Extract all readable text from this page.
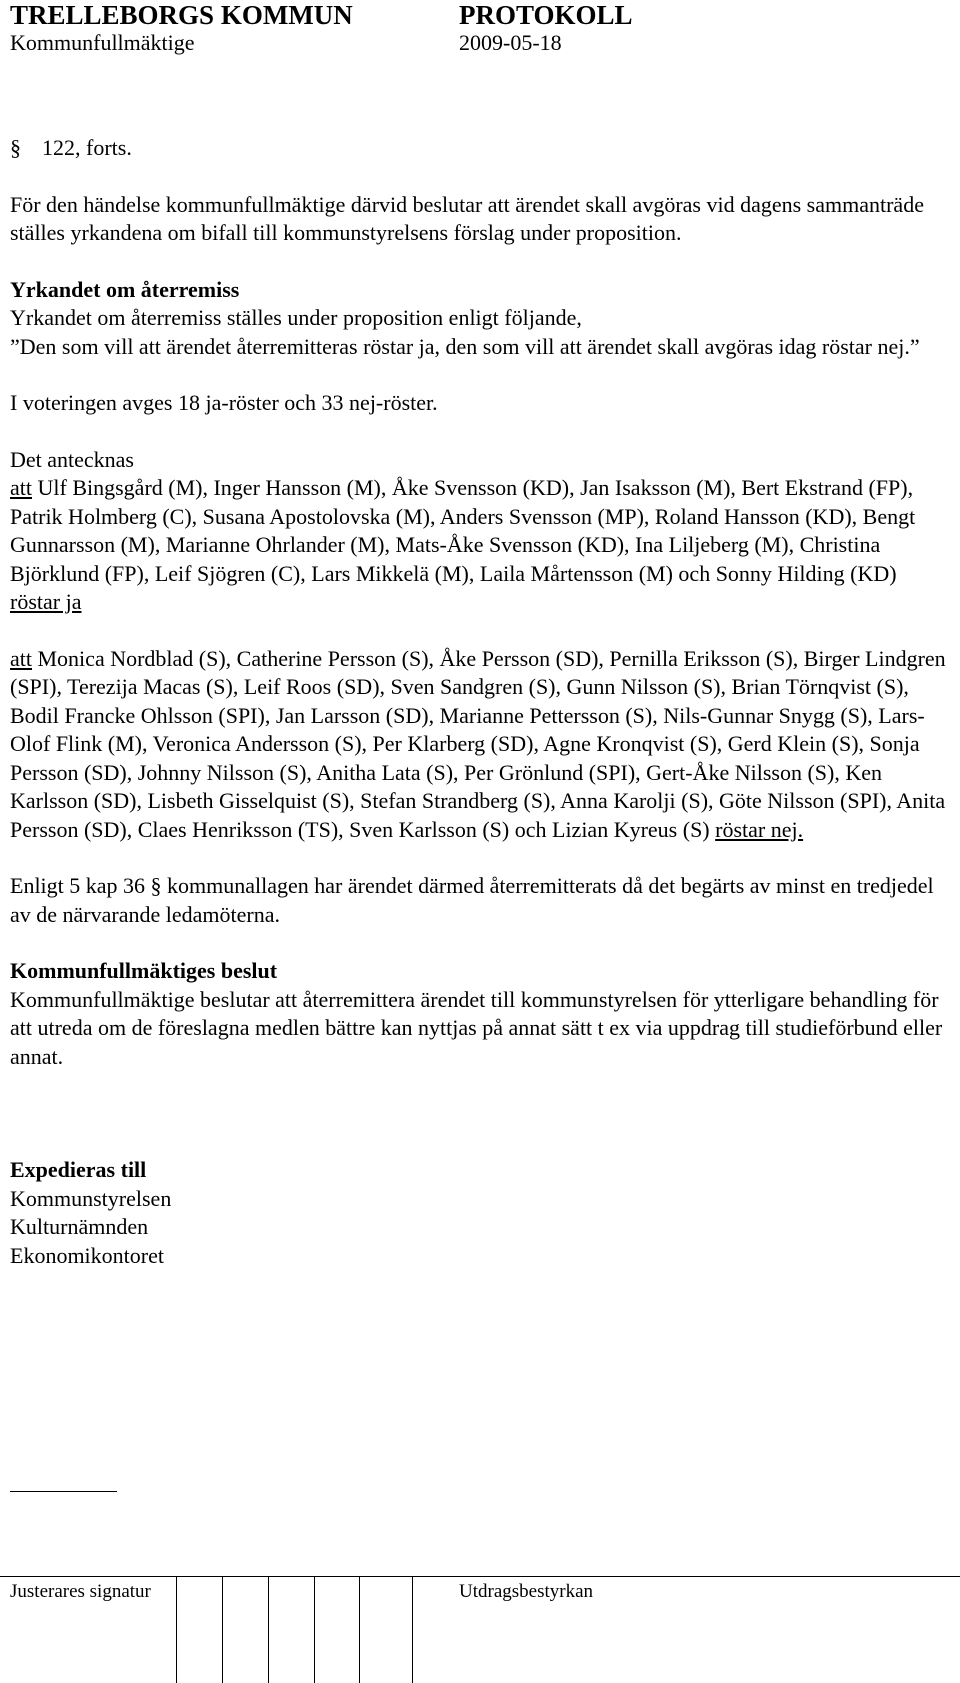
TRELLEBORGS KOMMUN	PROTOKOLL
Kommunfullmäktige	2009-05-18

§ 122, forts.

För den händelse kommunfullmäktige därvid beslutar att ärendet skall avgöras vid dagens sammanträde ställes yrkandena om bifall till kommunstyrelsens förslag under proposition.

Yrkandet om återremiss

Yrkandet om återremiss ställes under proposition enligt följande,

”Den som vill att ärendet återremitteras röstar ja, den som vill att ärendet skall avgöras idag röstar nej.”

I voteringen avges 18 ja-röster och 33 nej-röster.

Det antecknas

att Ulf Bingsgård (M), Inger Hansson (M), Åke Svensson (KD), Jan Isaksson (M), Bert Ekstrand (FP), Patrik Holmberg (C), Susana Apostolovska (M), Anders Svensson (MP), Roland Hansson (KD), Bengt Gunnarsson (M), Marianne Ohrlander (M), Mats-Åke Svensson (KD), Ina Liljeberg (M), Christina Björklund (FP), Leif Sjögren (C), Lars Mikkelä (M), Laila Mårtensson (M) och Sonny Hilding (KD) röstar ja

att Monica Nordblad (S), Catherine Persson (S), Åke Persson (SD), Pernilla Eriksson (S), Birger Lindgren (SPI), Terezija Macas (S), Leif Roos (SD), Sven Sandgren (S), Gunn Nilsson (S), Brian Törnqvist (S), Bodil Francke Ohlsson (SPI), Jan Larsson (SD), Marianne Pettersson (S), Nils-Gunnar Snygg (S), Lars-Olof Flink (M), Veronica Andersson (S), Per Klarberg (SD), Agne Kronqvist (S), Gerd Klein (S), Sonja Persson (SD), Johnny Nilsson (S), Anitha Lata (S), Per Grönlund (SPI), Gert-Åke Nilsson (S), Ken Karlsson (SD), Lisbeth Gisselquist (S), Stefan Strandberg (S), Anna Karolji (S), Göte Nilsson (SPI), Anita Persson (SD), Claes Henriksson (TS), Sven Karlsson (S) och Lizian Kyreus (S) röstar nej.

Enligt 5 kap 36 § kommunallagen har ärendet därmed återremitterats då det begärts av minst en tredjedel av de närvarande ledamöterna.

Kommunfullmäktiges beslut

Kommunfullmäktige beslutar att återremittera ärendet till kommunstyrelsen för ytterligare behandling för att utreda om de föreslagna medlen bättre kan nyttjas på annat sätt t ex via uppdrag till studieförbund eller annat.

Expedieras till

Kommunstyrelsen

Kulturnämnden

Ekonomikontoret

Justerares signatur	Utdragsbestyrkan
